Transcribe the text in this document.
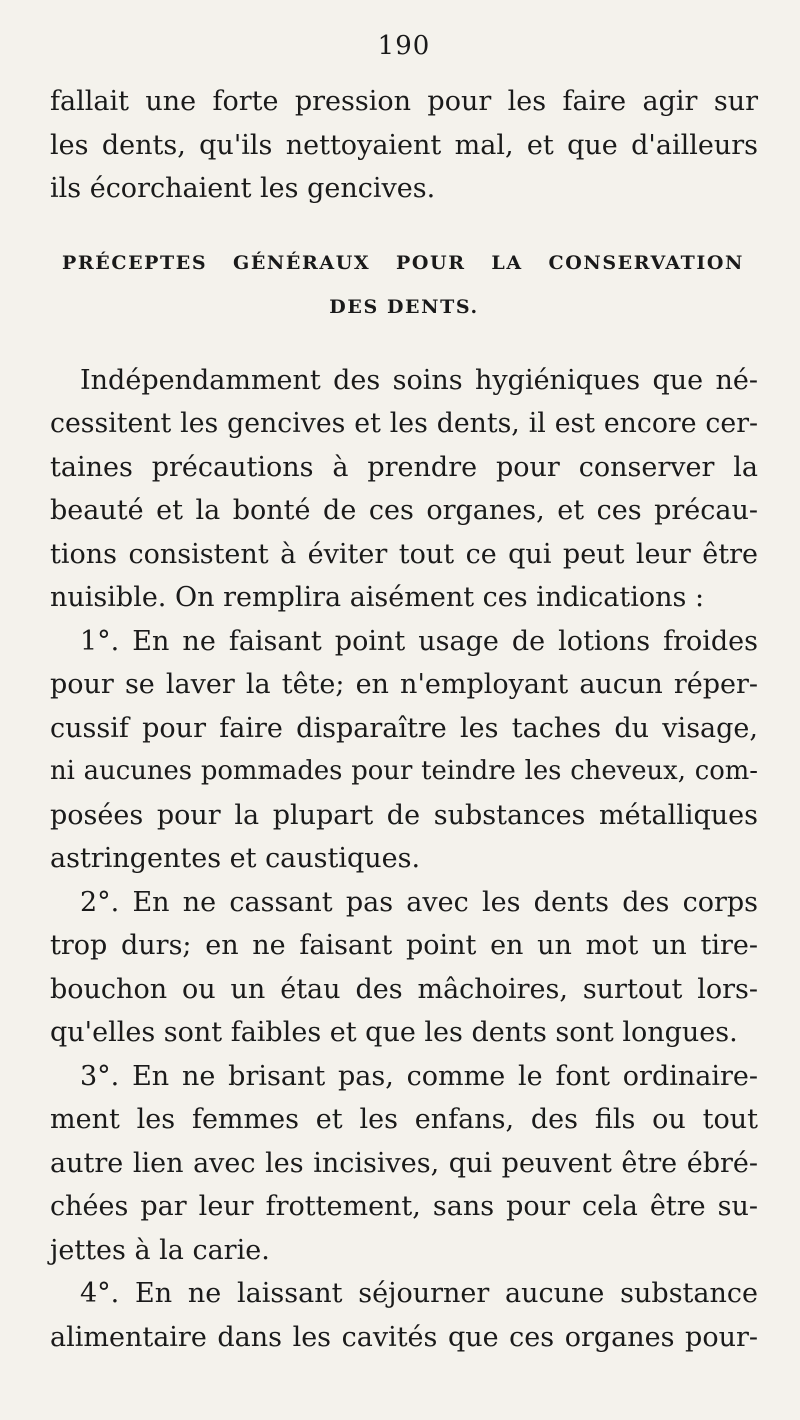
190

fallait une forte pression pour les faire agir sur
les dents, qu'ils nettoyaient mal, et que d'ailleurs
ils écorchaient les gencives.

PRÉCEPTES GÉNÉRAUX POUR LA CONSERVATION
DES DENTS.

Indépendamment des soins hygiéniques que né-
cessitent les gencives et les dents, il est encore cer-
taines précautions à prendre pour conserver la
beauté et la bonté de ces organes, et ces précau-
tions consistent à éviter tout ce qui peut leur être
nuisible. On remplira aisément ces indications :

1°. En ne faisant point usage de lotions froides
pour se laver la tête; en n'employant aucun réper-
cussif pour faire disparaître les taches du visage,
ni aucunes pommades pour teindre les cheveux, com-
posées pour la plupart de substances métalliques
astringentes et caustiques.

2°. En ne cassant pas avec les dents des corps
trop durs; en ne faisant point en un mot un tire-
bouchon ou un étau des mâchoires, surtout lors-
qu'elles sont faibles et que les dents sont longues.

3°. En ne brisant pas, comme le font ordinaire-
ment les femmes et les enfans, des fils ou tout
autre lien avec les incisives, qui peuvent être ébré-
chées par leur frottement, sans pour cela être su-
jettes à la carie.

4°. En ne laissant séjourner aucune substance
alimentaire dans les cavités que ces organes pour-
